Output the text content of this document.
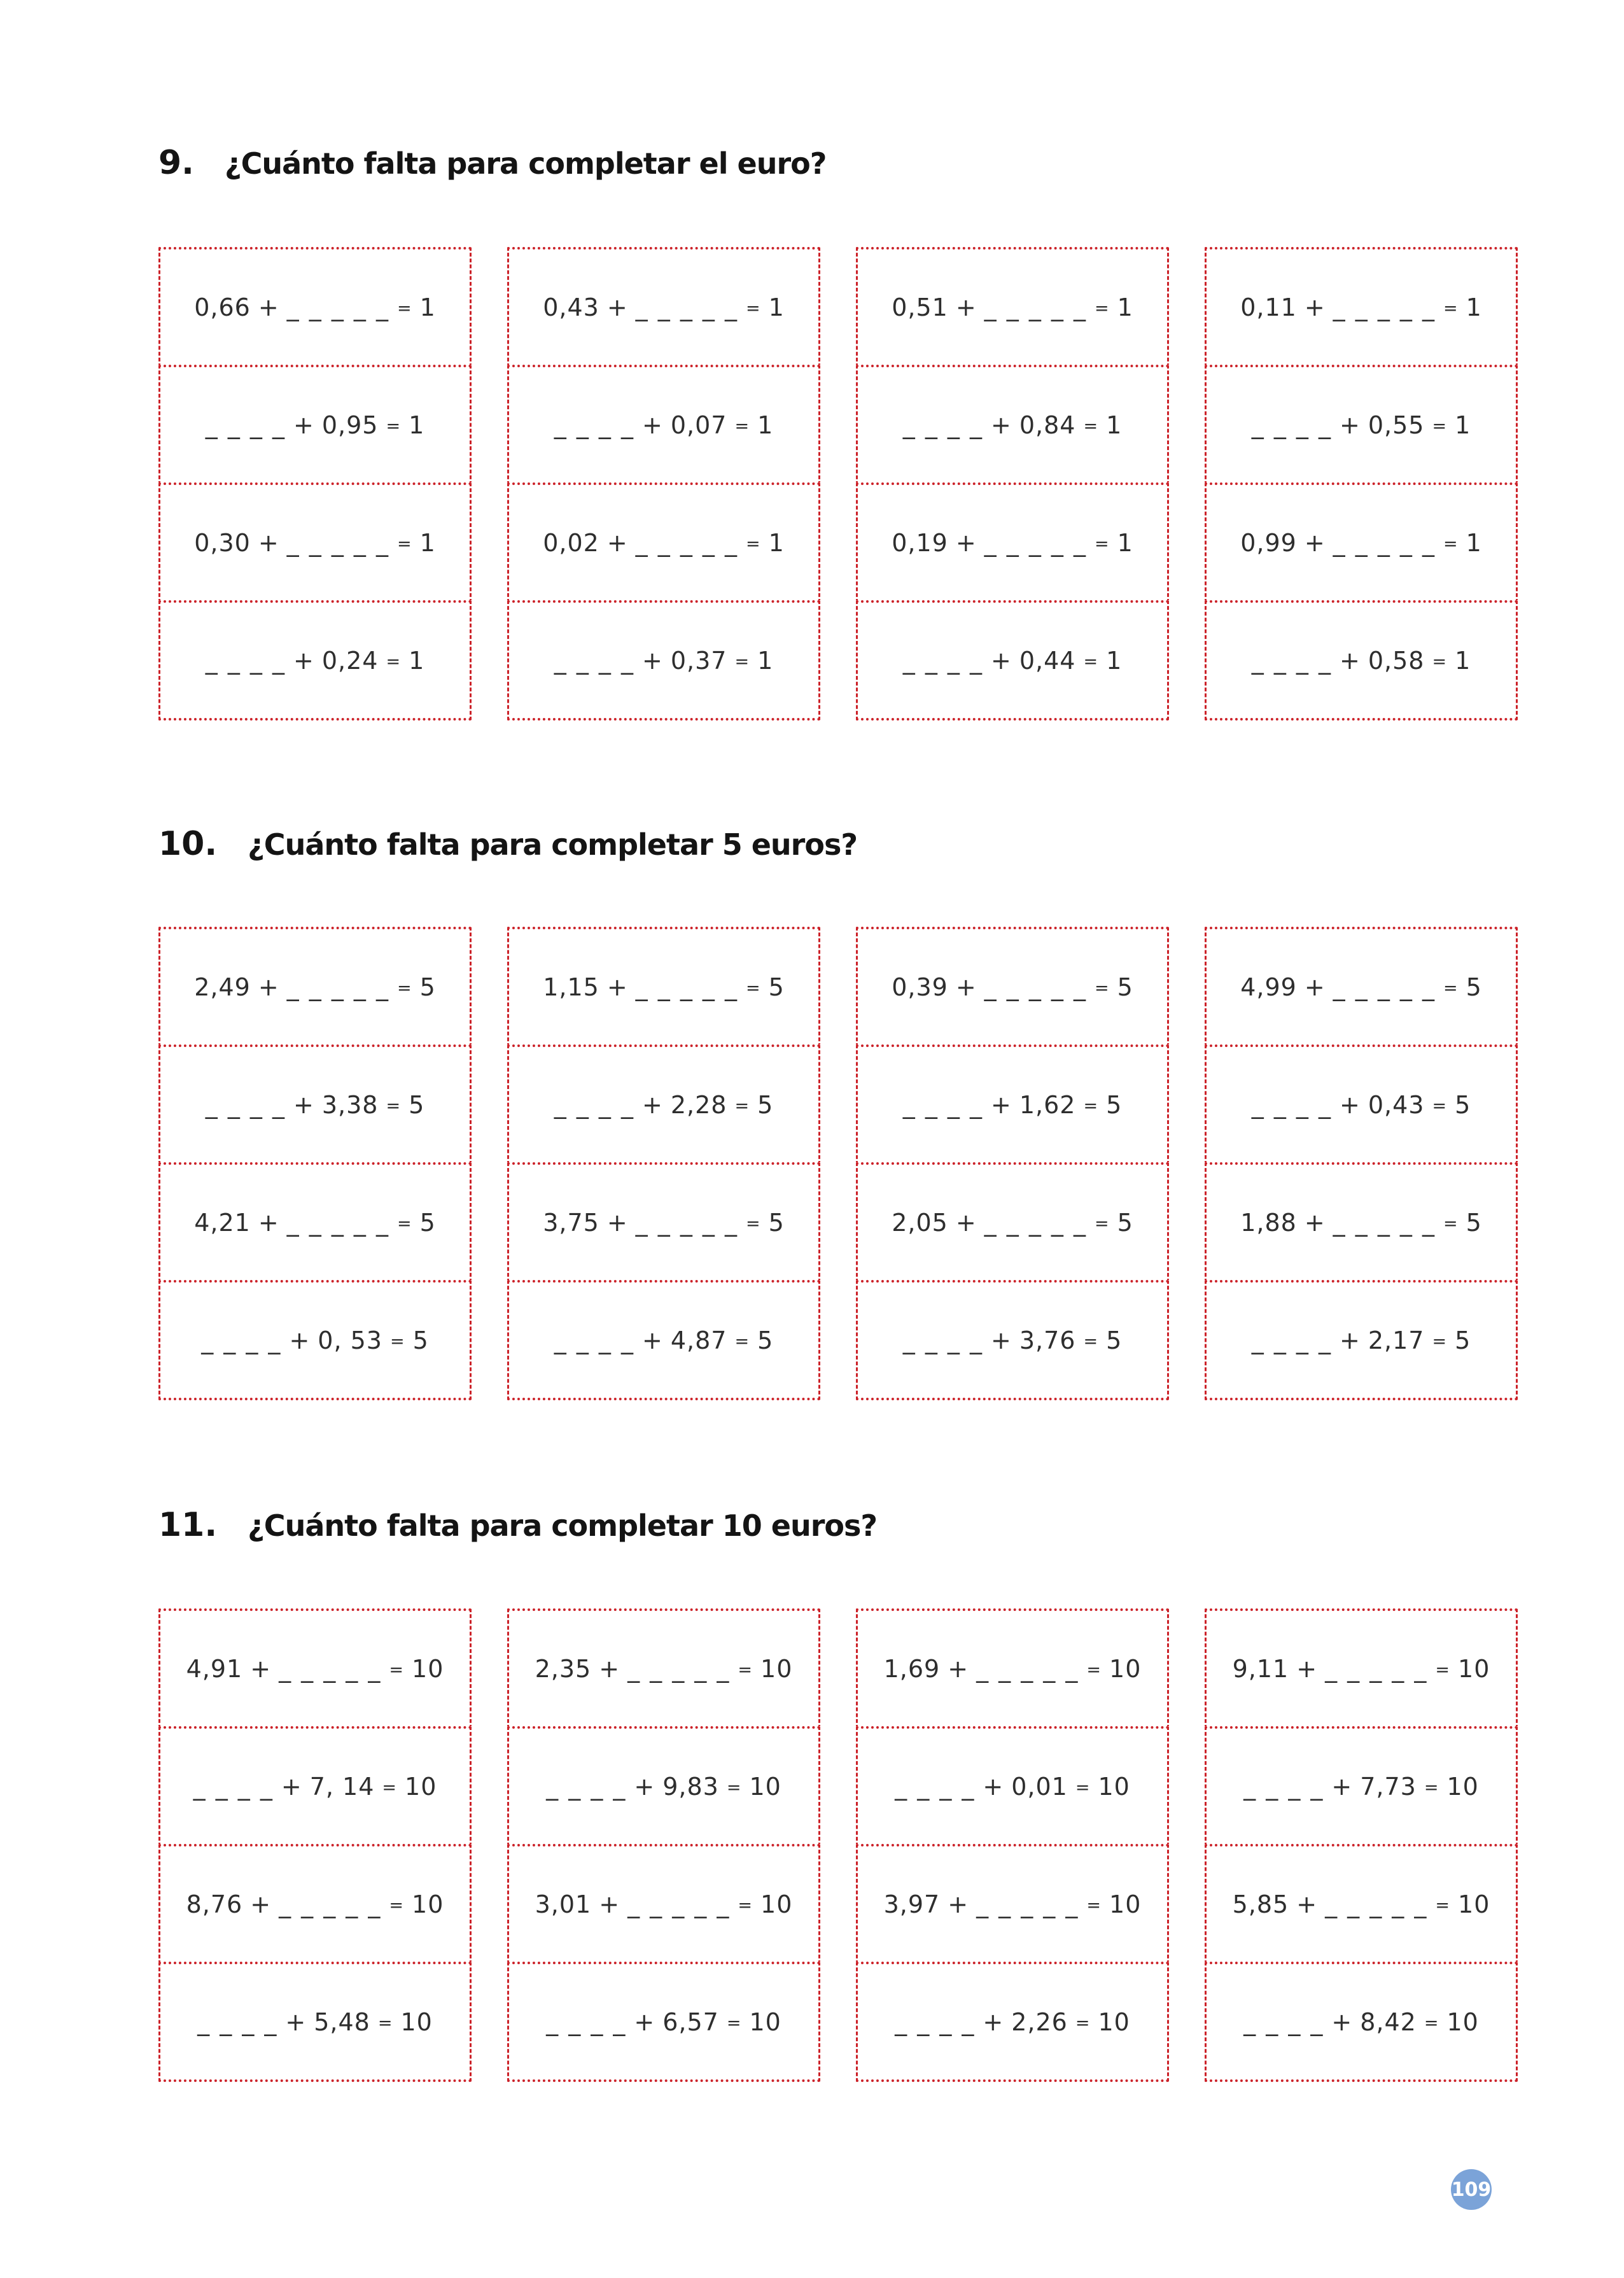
109
9. ¿Cuánto falta para completar el euro?
0,66 + _ _ _ _ _ = 1
_ _ _ _ + 0,95 = 1
0,30 + _ _ _ _ _ = 1
_ _ _ _ + 0,24 = 1
0,43 + _ _ _ _ _ = 1
_ _ _ _ + 0,07 = 1
0,02 + _ _ _ _ _ = 1
_ _ _ _ + 0,37 = 1
0,51 + _ _ _ _ _ = 1
_ _ _ _ + 0,84 = 1
0,19 + _ _ _ _ _ = 1
_ _ _ _ + 0,44 = 1
0,11 + _ _ _ _ _ = 1
_ _ _ _ + 0,55 = 1
0,99 + _ _ _ _ _ = 1
_ _ _ _ + 0,58 = 1
10. ¿Cuánto falta para completar 5 euros?
2,49 + _ _ _ _ _ = 5
_ _ _ _ + 3,38 = 5
4,21 + _ _ _ _ _ = 5
_ _ _ _ + 0, 53 = 5
1,15 + _ _ _ _ _ = 5
_ _ _ _ + 2,28 = 5
3,75 + _ _ _ _ _ = 5
_ _ _ _ + 4,87 = 5
0,39 + _ _ _ _ _ = 5
_ _ _ _ + 1,62 = 5
2,05 + _ _ _ _ _ = 5
_ _ _ _ + 3,76 = 5
4,99 + _ _ _ _ _ = 5
_ _ _ _ + 0,43 = 5
1,88 + _ _ _ _ _ = 5
_ _ _ _ + 2,17 = 5
11. ¿Cuánto falta para completar 10 euros?
4,91 + _ _ _ _ _ = 10
_ _ _ _ + 7, 14 = 10
8,76 + _ _ _ _ _ = 10
_ _ _ _ + 5,48 = 10
2,35 + _ _ _ _ _ = 10
_ _ _ _ + 9,83 = 10
3,01 + _ _ _ _ _ = 10
_ _ _ _ + 6,57 = 10
1,69 + _ _ _ _ _ = 10
_ _ _ _ + 0,01 = 10
3,97 + _ _ _ _ _ = 10
_ _ _ _ + 2,26 = 10
9,11 + _ _ _ _ _ = 10
_ _ _ _ + 7,73 = 10
5,85 + _ _ _ _ _ = 10
_ _ _ _ + 8,42 = 10
